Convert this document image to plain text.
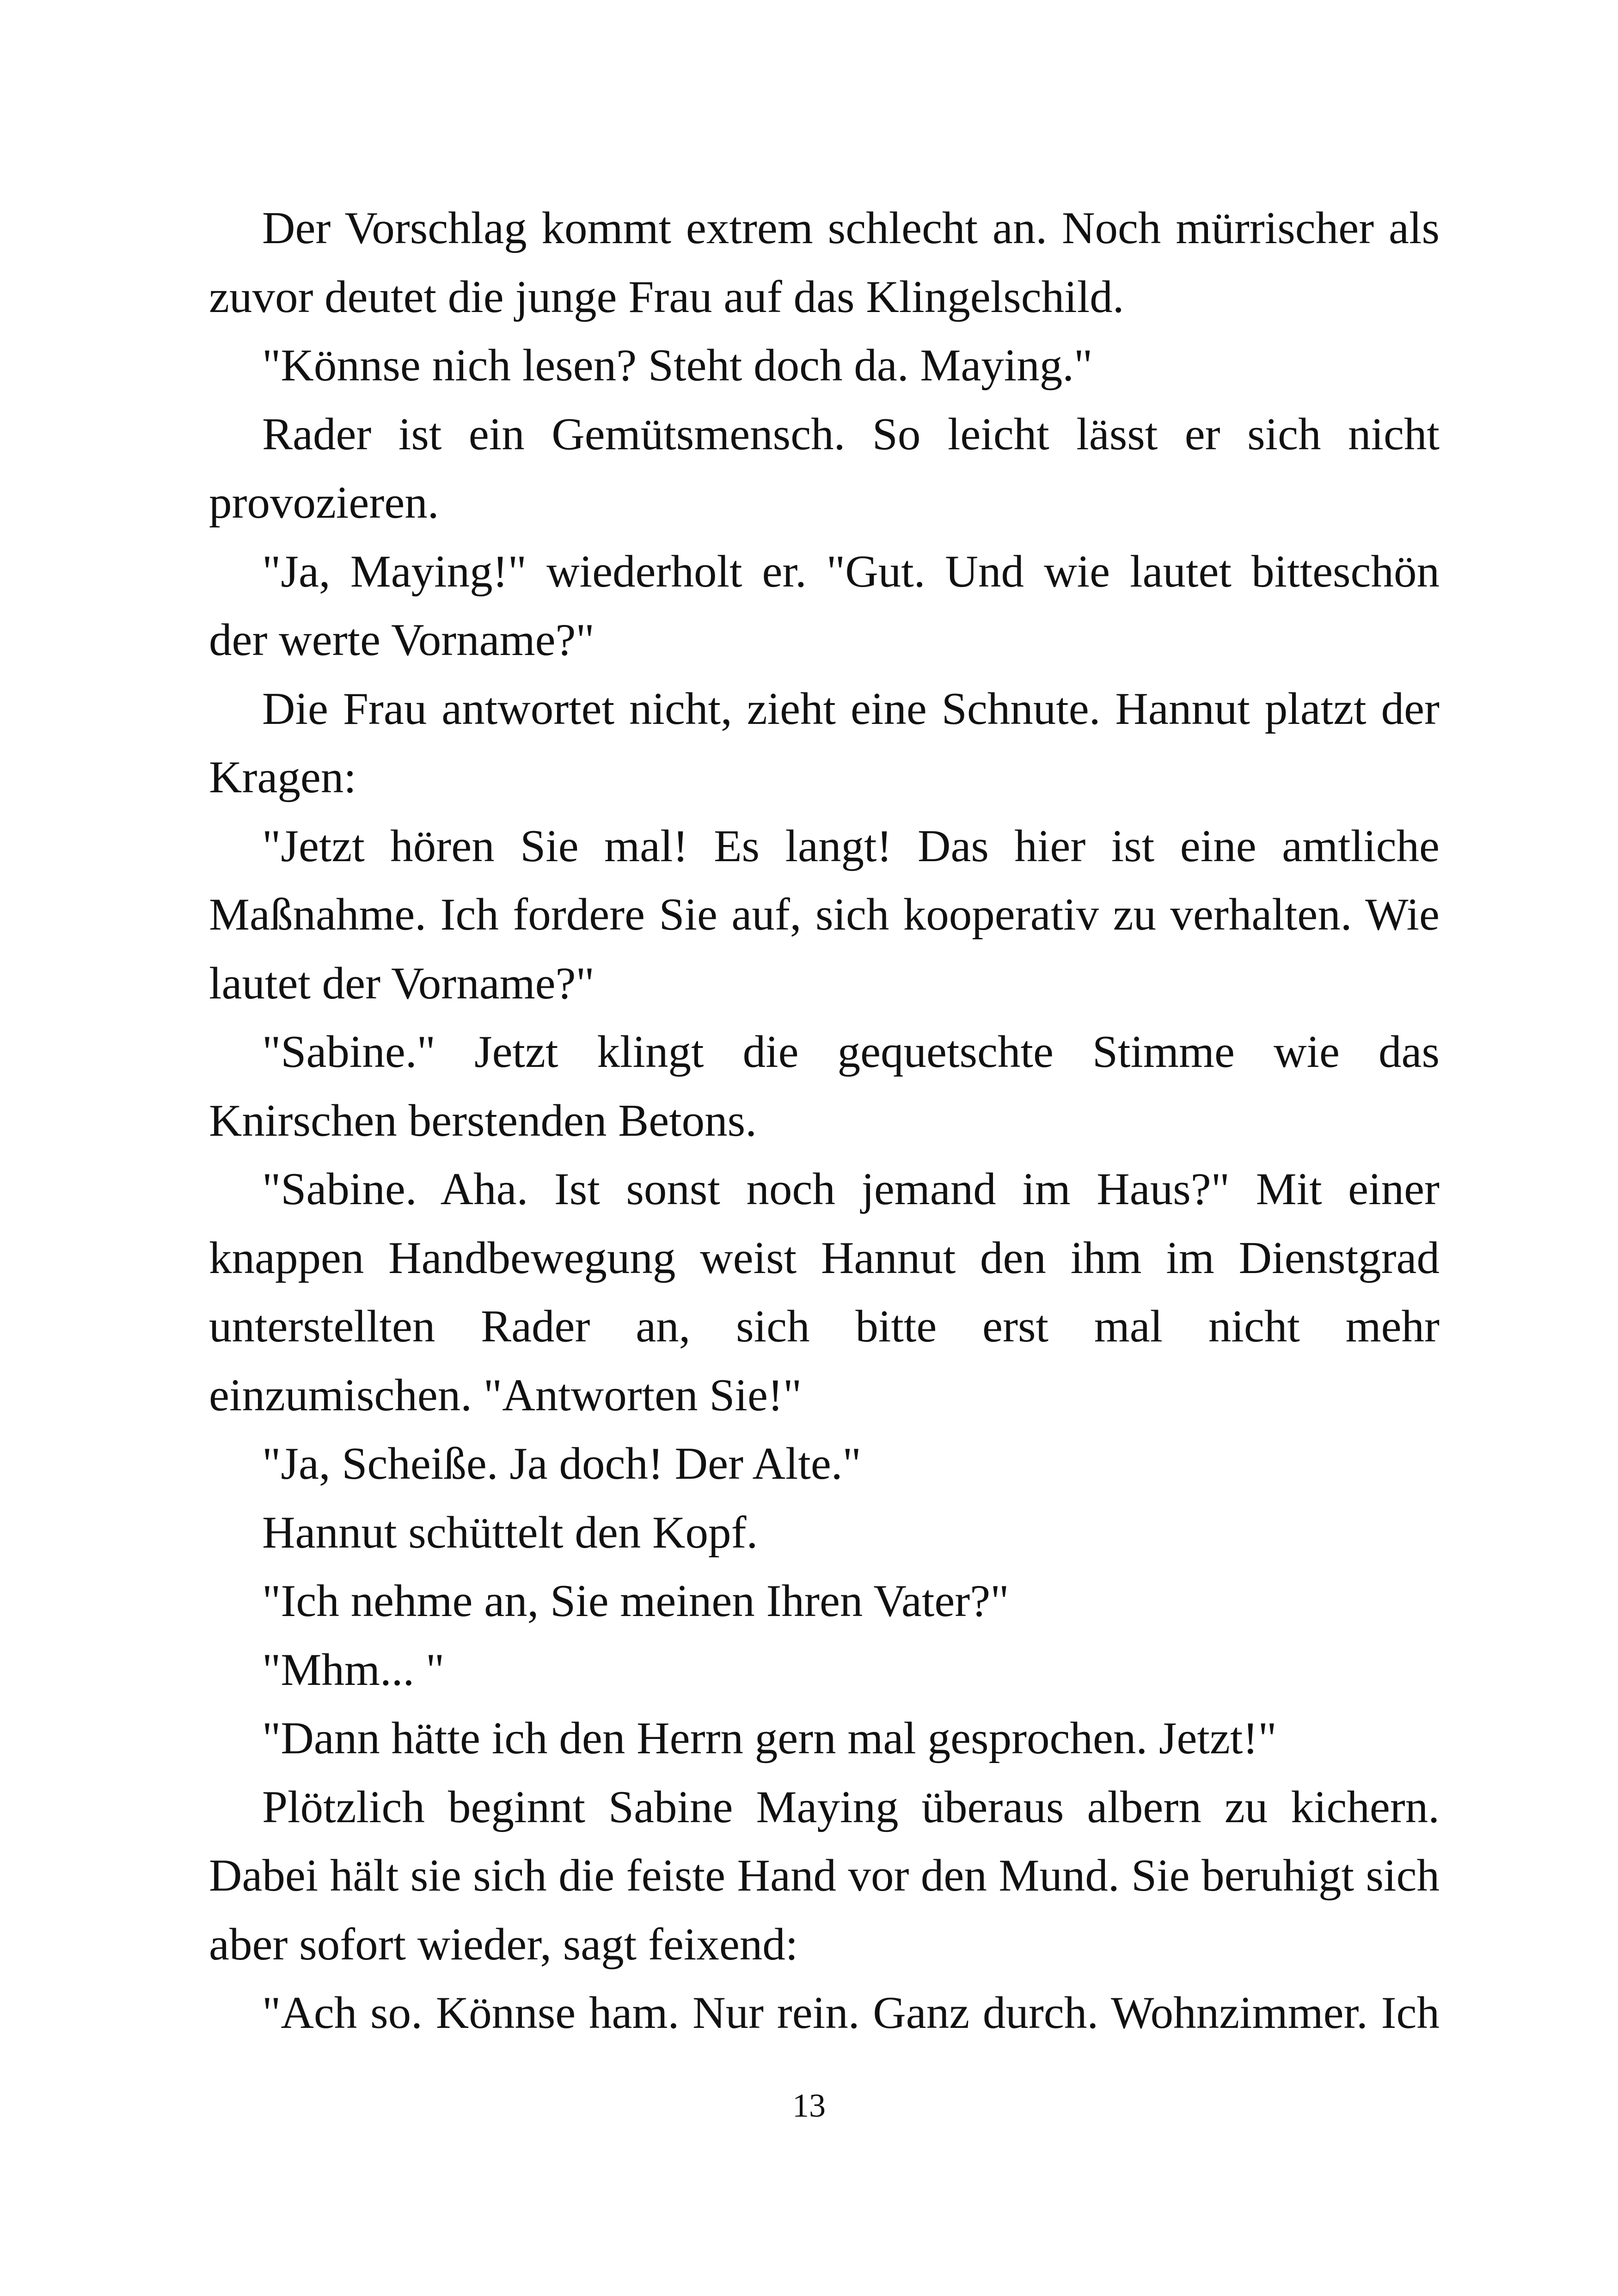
Der Vorschlag kommt extrem schlecht an. Noch mürrischer als zuvor deutet die junge Frau auf das Klingelschild.

"Könnse nich lesen? Steht doch da. Maying."

Rader ist ein Gemütsmensch. So leicht lässt er sich nicht provozieren.

"Ja, Maying!" wiederholt er. "Gut. Und wie lautet bitteschön der werte Vorname?"

Die Frau antwortet nicht, zieht eine Schnute. Hannut platzt der Kragen:

"Jetzt hören Sie mal! Es langt! Das hier ist eine amtliche Maßnahme. Ich fordere Sie auf, sich kooperativ zu verhalten. Wie lautet der Vorname?"

"Sabine." Jetzt klingt die gequetschte Stimme wie das Knirschen berstenden Betons.

"Sabine. Aha. Ist sonst noch jemand im Haus?" Mit einer knappen Handbewegung weist Hannut den ihm im Dienstgrad unterstellten Rader an, sich bitte erst mal nicht mehr einzumischen. "Antworten Sie!"

"Ja, Scheiße. Ja doch! Der Alte."

Hannut schüttelt den Kopf.

"Ich nehme an, Sie meinen Ihren Vater?"

"Mhm... "

"Dann hätte ich den Herrn gern mal gesprochen. Jetzt!"

Plötzlich beginnt Sabine Maying überaus albern zu kichern. Dabei hält sie sich die feiste Hand vor den Mund. Sie beruhigt sich aber sofort wieder, sagt feixend:

"Ach so. Könnse ham. Nur rein. Ganz durch. Wohnzimmer. Ich

13
